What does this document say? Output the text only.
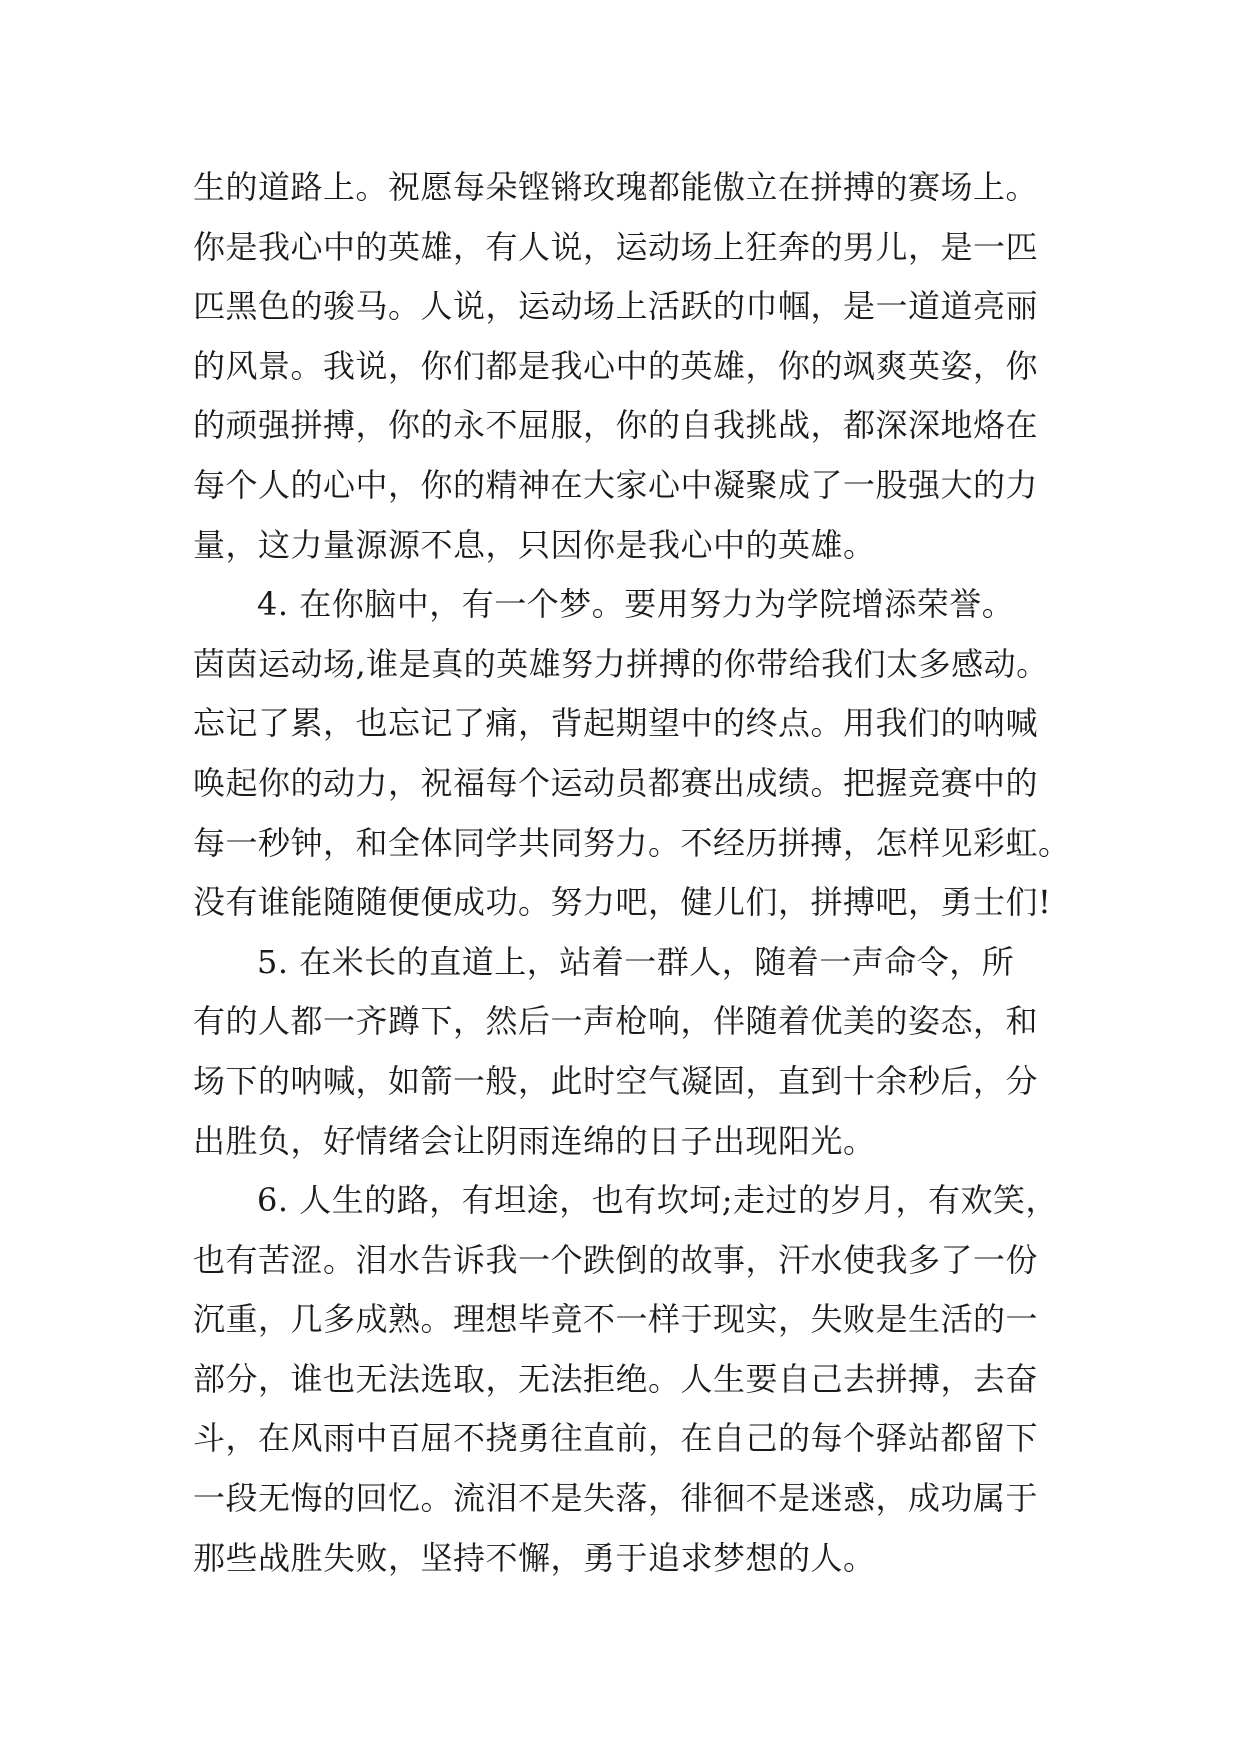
生的道路上。祝愿每朵铿锵玫瑰都能傲立在拼搏的赛场上。
你是我心中的英雄，有人说，运动场上狂奔的男儿，是一匹
匹黑色的骏马。人说，运动场上活跃的巾帼，是一道道亮丽
的风景。我说，你们都是我心中的英雄，你的飒爽英姿，你
的顽强拼搏，你的永不屈服，你的自我挑战，都深深地烙在
每个人的心中，你的精神在大家心中凝聚成了一股强大的力
量，这力量源源不息，只因你是我心中的英雄。
4. 在你脑中，有一个梦。要用努力为学院增添荣誉。
茵茵运动场,谁是真的英雄努力拼搏的你带给我们太多感动。
忘记了累，也忘记了痛，背起期望中的终点。用我们的呐喊
唤起你的动力，祝福每个运动员都赛出成绩。把握竞赛中的
每一秒钟，和全体同学共同努力。不经历拼搏，怎样见彩虹。
没有谁能随随便便成功。努力吧，健儿们，拼搏吧，勇士们!
5. 在米长的直道上，站着一群人，随着一声命令，所
有的人都一齐蹲下，然后一声枪响，伴随着优美的姿态，和
场下的呐喊，如箭一般，此时空气凝固，直到十余秒后，分
出胜负，好情绪会让阴雨连绵的日子出现阳光。
6. 人生的路，有坦途，也有坎坷;走过的岁月，有欢笑，
也有苦涩。泪水告诉我一个跌倒的故事，汗水使我多了一份
沉重，几多成熟。理想毕竟不一样于现实，失败是生活的一
部分，谁也无法选取，无法拒绝。人生要自己去拼搏，去奋
斗，在风雨中百屈不挠勇往直前，在自己的每个驿站都留下
一段无悔的回忆。流泪不是失落，徘徊不是迷惑，成功属于
那些战胜失败，坚持不懈，勇于追求梦想的人。
